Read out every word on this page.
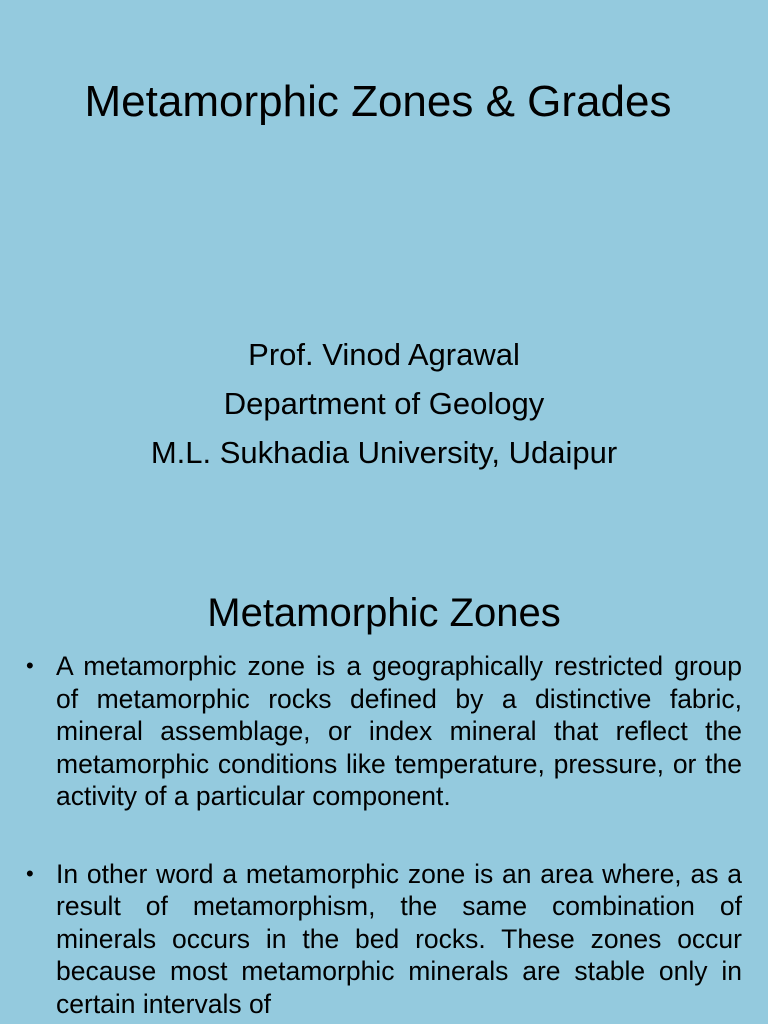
Metamorphic Zones & Grades
Prof. Vinod Agrawal
Department of Geology
M.L. Sukhadia University, Udaipur
Metamorphic Zones
• A metamorphic zone is a geographically restricted group of metamorphic rocks defined by a distinctive fabric, mineral assemblage, or index mineral that reflect the metamorphic conditions like temperature, pressure, or the activity of a particular component.
• In other word a metamorphic zone is an area where, as a result of metamorphism, the same combination of minerals occurs in the bed rocks. These zones occur because most metamorphic minerals are stable only in certain intervals of
